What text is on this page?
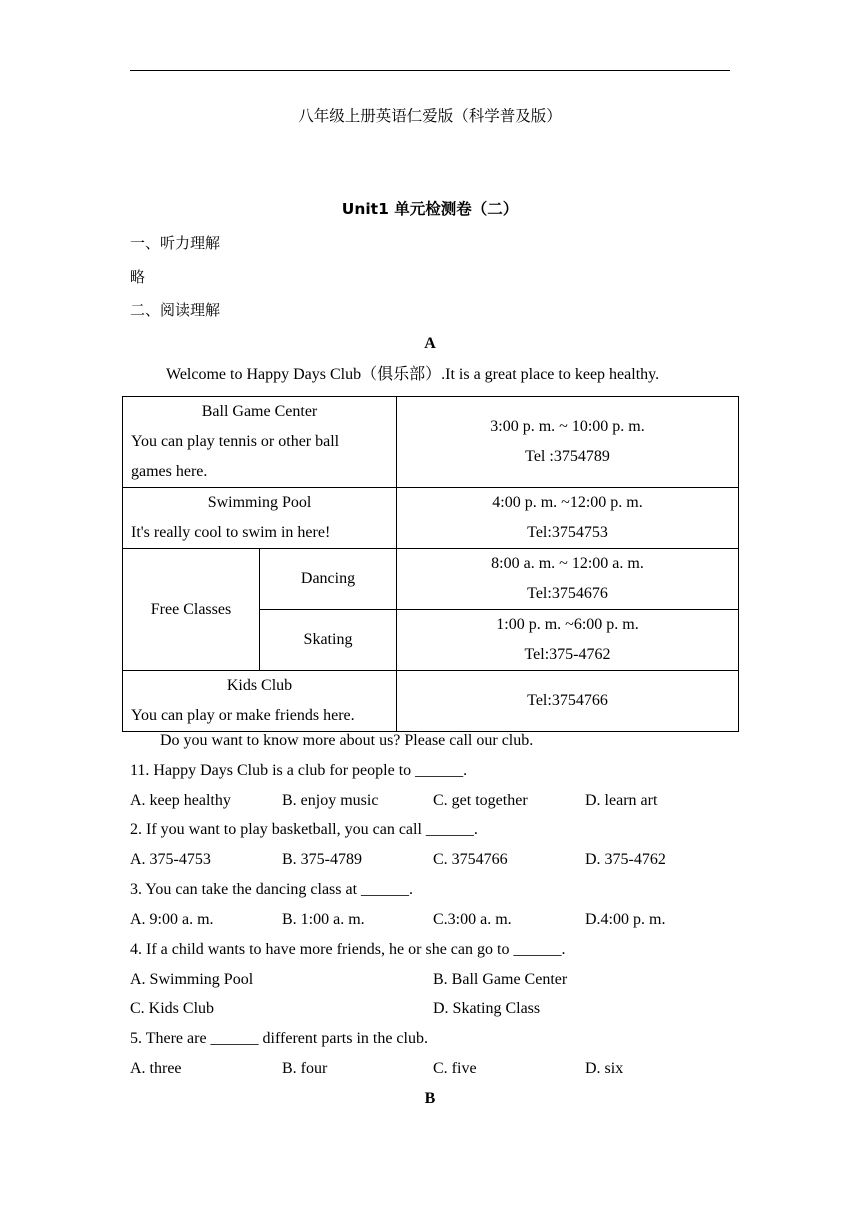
八年级上册英语仁爱版（科学普及版）
Unit1 单元检测卷（二）
一、听力理解
略
二、阅读理解
A
Welcome to Happy Days Club（俱乐部）.It is a great place to keep healthy.
Ball Game Center
You can play tennis or other ball
games here.		3:00 p. m. ~ 10:00 p. m.
Tel :3754789

Swimming Pool
It's really cool to swim in here!		4:00 p. m. ~12:00 p. m.
Tel:3754753

Free Classes	Dancing	8:00 a. m. ~ 12:00 a. m.
Tel:3754676

	Skating	1:00 p. m. ~6:00 p. m.
Tel:375-4762

Kids Club
You can play or make friends here.		Tel:3754766
Do you want to know more about us? Please call our club.
11. Happy Days Club is a club for people to ______.
A. keep healthy	B. enjoy music	C. get together	D. learn art
2. If you want to play basketball, you can call ______.
A. 375-4753	B. 375-4789	C. 3754766	D. 375-4762
3. You can take the dancing class at ______.
A. 9:00 a. m.	B. 1:00 a. m.	C.3:00 a. m.	D.4:00 p. m.
4. If a child wants to have more friends, he or she can go to ______.
A. Swimming Pool	B. Ball Game Center
C. Kids Club	D. Skating Class
5. There are ______ different parts in the club.
A. three	B. four	C. five	D. six
B
